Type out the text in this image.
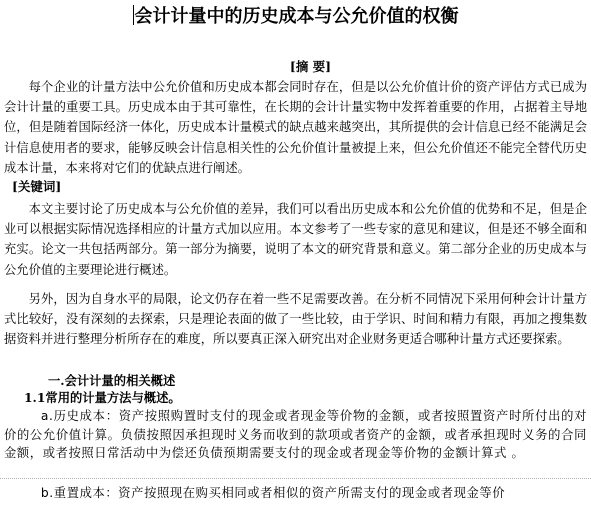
会计计量中的历史成本与公允价值的权衡
[摘 要]

每个企业的计量方法中公允价值和历史成本都会同时存在，但是以公允价值计价的资产评估方式已成为会计计量的重要工具。历史成本由于其可靠性，在长期的会计计量实物中发挥着重要的作用，占据着主导地位，但是随着国际经济一体化，历史成本计量模式的缺点越来越突出，其所提供的会计信息已经不能满足会计信息使用者的要求，能够反映会计信息相关性的公允价值计量被提上来，但公允价值还不能完全替代历史成本计量，本来将对它们的优缺点进行阐述。

[关键词]

本文主要讨论了历史成本与公允价值的差异，我们可以看出历史成本和公允价值的优势和不足，但是企业可以根据实际情况选择相应的计量方式加以应用。本文参考了一些专家的意见和建议，但是还不够全面和充实。论文一共包括两部分。第一部分为摘要，说明了本文的研究背景和意义。第二部分企业的历史成本与公允价值的主要理论进行概述。

另外，因为自身水平的局限，论文仍存在着一些不足需要改善。在分析不同情况下采用何种会计计量方式比较好，没有深刻的去探索，只是理论表面的做了一些比较，由于学识、时间和精力有限，再加之搜集数据资料并进行整理分析所存在的难度，所以要真正深入研究出对企业财务更适合哪种计量方式还要探索。

一.会计计量的相关概述
1.1常用的计量方法与概述。

a.历史成本：资产按照购置时支付的现金或者现金等价物的金额，或者按照置资产时所付出的对价的公允价值计算。负债按照因承担现时义务而收到的款项或者资产的金额，或者承担现时义务的合同金额，或者按照日常活动中为偿还负债预期需要支付的现金或者现金等价物的金额计算式 。

b.重置成本：资产按照现在购买相同或者相似的资产所需支付的现金或者现金等价
